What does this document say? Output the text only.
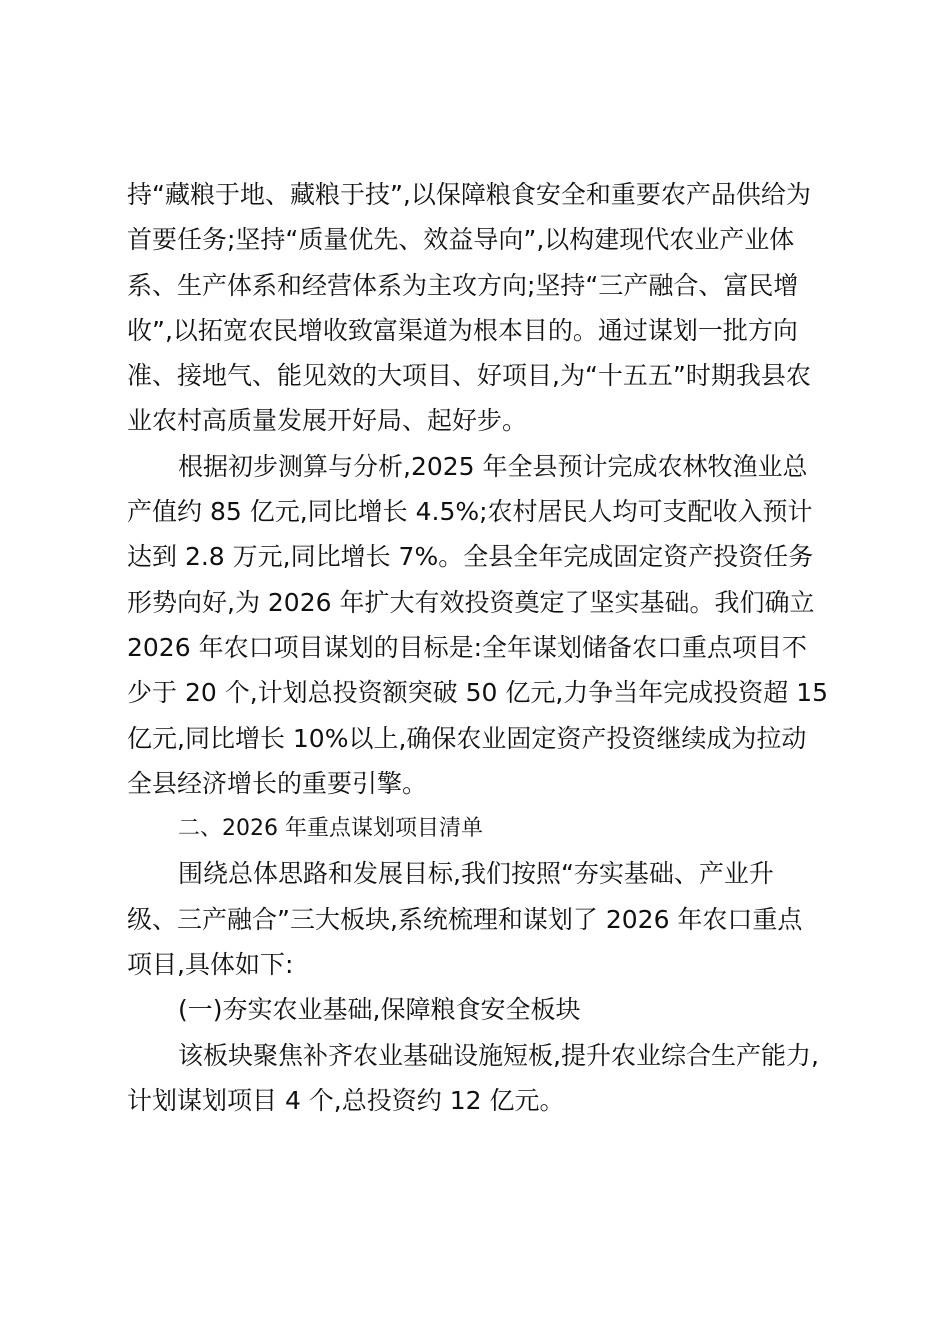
持“藏粮于地、藏粮于技”,以保障粮食安全和重要农产品供给为
首要任务;坚持“质量优先、效益导向”,以构建现代农业产业体
系、生产体系和经营体系为主攻方向;坚持“三产融合、富民增
收”,以拓宽农民增收致富渠道为根本目的。通过谋划一批方向
准、接地气、能见效的大项目、好项目,为“十五五”时期我县农
业农村高质量发展开好局、起好步。
根据初步测算与分析,2025 年全县预计完成农林牧渔业总
产值约 85 亿元,同比增长 4.5%;农村居民人均可支配收入预计
达到 2.8 万元,同比增长 7%。全县全年完成固定资产投资任务
形势向好,为 2026 年扩大有效投资奠定了坚实基础。我们确立
2026 年农口项目谋划的目标是:全年谋划储备农口重点项目不
少于 20 个,计划总投资额突破 50 亿元,力争当年完成投资超 15
亿元,同比增长 10%以上,确保农业固定资产投资继续成为拉动
全县经济增长的重要引擎。
二、2026 年重点谋划项目清单
围绕总体思路和发展目标,我们按照“夯实基础、产业升
级、三产融合”三大板块,系统梳理和谋划了 2026 年农口重点
项目,具体如下:
(一)夯实农业基础,保障粮食安全板块
该板块聚焦补齐农业基础设施短板,提升农业综合生产能力,
计划谋划项目 4 个,总投资约 12 亿元。
